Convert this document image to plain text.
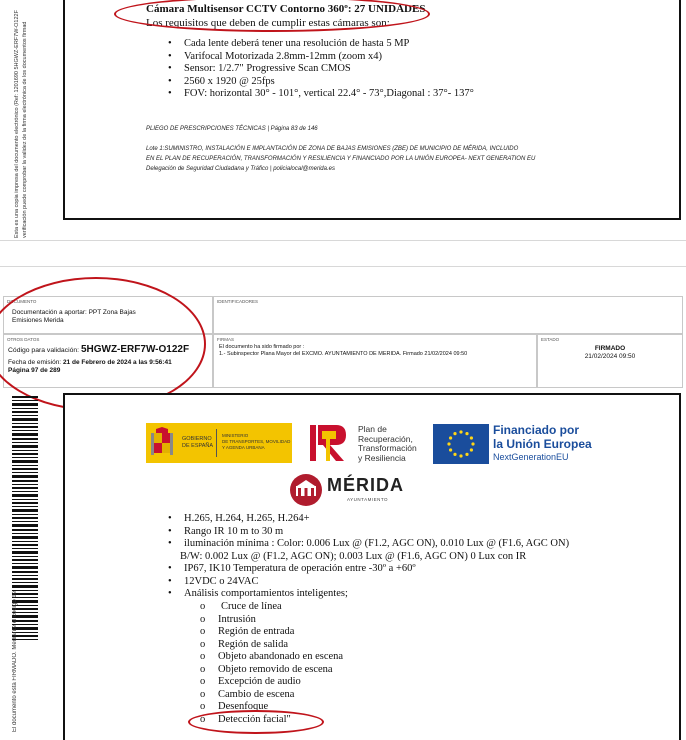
Esta es una copia impresa del documento electrónico (Ref: 1201690 5HGWZ-ERF7W-O122F verificación puede comprobar la validez de la firma electrónica de los documentos firmad
Cámara Multisensor CCTV Contorno 360º: 27 UNIDADES
Los requisitos que deben de cumplir estas cámaras son:
• Cada lente deberá tener una resolución de hasta 5 MP
• Varifocal Motorizada 2.8mm-12mm (zoom x4)
• Sensor: 1/2.7" Progressive Scan CMOS
• 2560 x 1920 @ 25fps
• FOV: horizontal 30° - 101°, vertical 22.4° - 73°,Diagonal : 37°- 137°
PLIEGO DE PRESCRIPCIONES TÉCNICAS | Página 83 de 146
Lote 1:SUMINISTRO, INSTALACIÓN E IMPLANTACIÓN DE ZONA DE BAJAS EMISIONES (ZBE) DE MUNICIPIO DE MÉRIDA, INCLUIDO
EN EL PLAN DE RECUPERACIÓN, TRANSFORMACIÓN Y RESILIENCIA Y FINANCIADO POR LA UNIÓN EUROPEA- NEXT GENERATION EU
Delegación de Seguridad Ciudadana y Tráfico | policialocal@merida.es
DOCUMENTO
Documentación a aportar: PPT Zona Bajas
Emisiones Merida
IDENTIFICADORES
OTROS DATOS
Código para validación: 5HGWZ-ERF7W-O122F
Fecha de emisión: 21 de Febrero de 2024 a las 9:56:41
Página 97 de 289
FIRMAS
El documento ha sido firmado por :
1.- Subinspector Plana Mayor del EXCMO. AYUNTAMIENTO DE MERIDA. Firmado 21/02/2024 09:50
ESTADO
FIRMADO
21/02/2024 09:50
El documento está FIRMADO. Mediante el código de
GOBIERNO
DE ESPAÑA
MINISTERIO
DE TRANSPORTES, MOVILIDAD
Y AGENDA URBANA
Plan de
Recuperación,
Transformación
y Resiliencia
Financiado por
la Unión Europea
NextGenerationEU
MÉRIDA
AYUNTAMIENTO
• H.265, H.264, H.265, H.264+
• Rango IR 10 m to 30 m
• iluminación mínima : Color: 0.006 Lux @ (F1.2, AGC ON), 0.010 Lux @ (F1.6, AGC ON)
B/W: 0.002 Lux @ (F1.2, AGC ON); 0.003 Lux @ (F1.6, AGC ON) 0 Lux con IR
• IP67, IK10 Temperatura de operación entre -30º a +60º
• 12VDC o 24VAC
• Análisis comportamientos inteligentes;
o Cruce de línea
o Intrusión
o Región de entrada
o Región de salida
o Objeto abandonado en escena
o Objeto removido de escena
o Excepción de audio
o Cambio de escena
o Desenfoque
o Detección facial"
